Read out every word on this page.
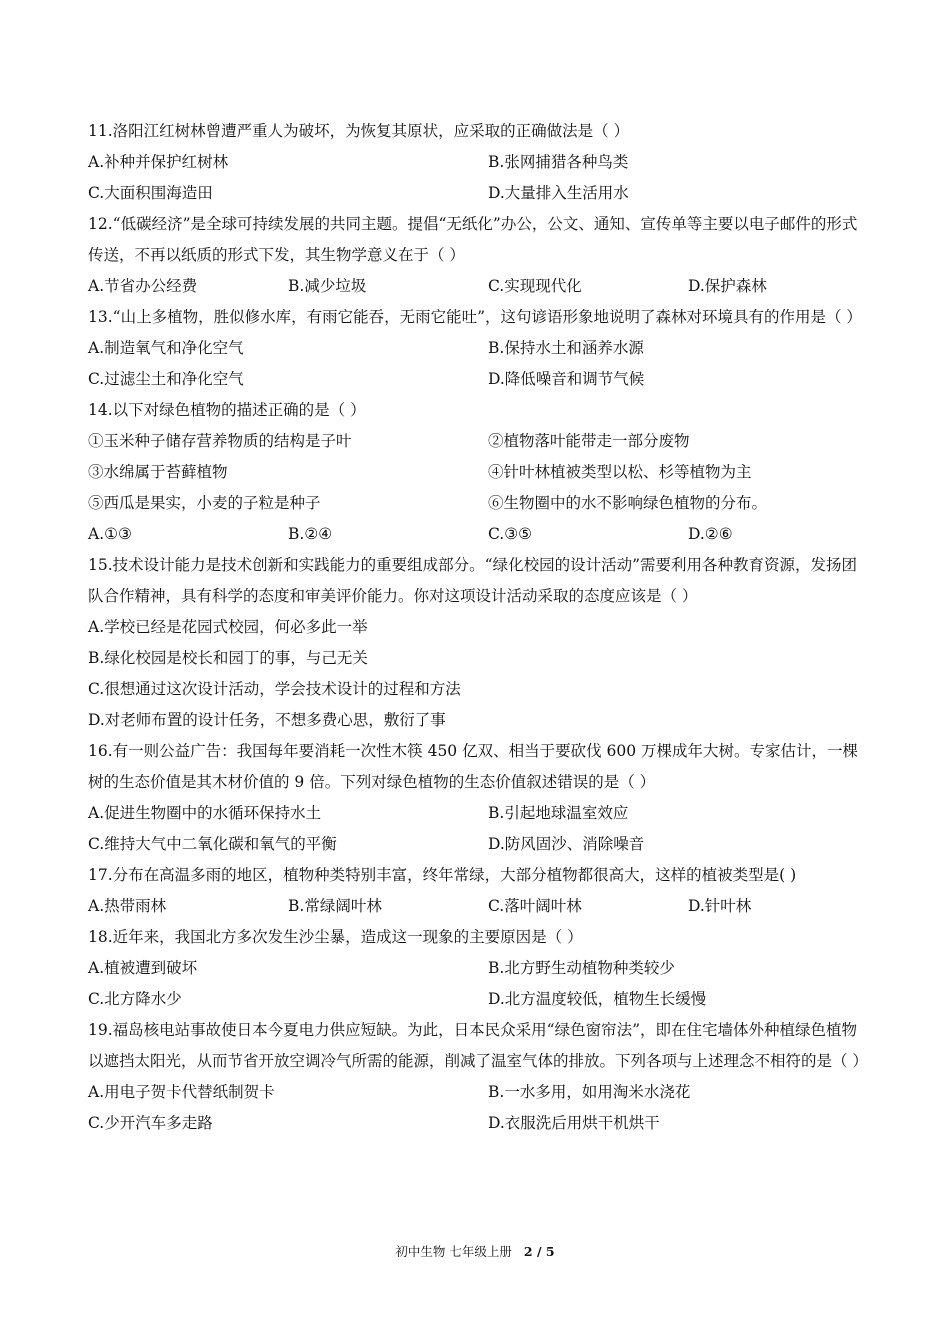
11.洛阳江红树林曾遭严重人为破坏，为恢复其原状，应采取的正确做法是（ ）
A.补种并保护红树林	B.张网捕猎各种鸟类
C.大面积围海造田	D.大量排入生活用水
12.“低碳经济”是全球可持续发展的共同主题。提倡“无纸化”办公，公文、通知、宣传单等主要以电子邮件的形式传送，不再以纸质的形式下发，其生物学意义在于（ ）
A.节省办公经费	B.减少垃圾	C.实现现代化	D.保护森林
13.“山上多植物，胜似修水库，有雨它能吞，无雨它能吐”，这句谚语形象地说明了森林对环境具有的作用是（ ）
A.制造氧气和净化空气	B.保持水土和涵养水源
C.过滤尘土和净化空气	D.降低噪音和调节气候
14.以下对绿色植物的描述正确的是（ ）
①玉米种子储存营养物质的结构是子叶	②植物落叶能带走一部分废物
③水绵属于苔藓植物	④针叶林植被类型以松、杉等植物为主
⑤西瓜是果实，小麦的子粒是种子	⑥生物圈中的水不影响绿色植物的分布。
A.①③	B.②④	C.③⑤	D.②⑥
15.技术设计能力是技术创新和实践能力的重要组成部分。“绿化校园的设计活动”需要利用各种教育资源，发扬团队合作精神，具有科学的态度和审美评价能力。你对这项设计活动采取的态度应该是（ ）
A.学校已经是花园式校园，何必多此一举
B.绿化校园是校长和园丁的事，与己无关
C.很想通过这次设计活动，学会技术设计的过程和方法
D.对老师布置的设计任务，不想多费心思，敷衍了事
16.有一则公益广告：我国每年要消耗一次性木筷 450 亿双、相当于要砍伐 600 万棵成年大树。专家估计，一棵树的生态价值是其木材价值的 9 倍。下列对绿色植物的生态价值叙述错误的是（ ）
A.促进生物圈中的水循环保持水土	B.引起地球温室效应
C.维持大气中二氧化碳和氧气的平衡	D.防风固沙、消除噪音
17.分布在高温多雨的地区，植物种类特别丰富，终年常绿，大部分植物都很高大，这样的植被类型是( )
A.热带雨林	B.常绿阔叶林	C.落叶阔叶林	D.针叶林
18.近年来，我国北方多次发生沙尘暴，造成这一现象的主要原因是（ ）
A.植被遭到破坏	B.北方野生动植物种类较少
C.北方降水少	D.北方温度较低，植物生长缓慢
19.福岛核电站事故使日本今夏电力供应短缺。为此，日本民众采用“绿色窗帘法”，即在住宅墙体外种植绿色植物以遮挡太阳光，从而节省开放空调冷气所需的能源，削减了温室气体的排放。下列各项与上述理念不相符的是（ ）
A.用电子贺卡代替纸制贺卡	B.一水多用，如用淘米水浇花
C.少开汽车多走路	D.衣服洗后用烘干机烘干
初中生物 七年级上册 2 / 5
